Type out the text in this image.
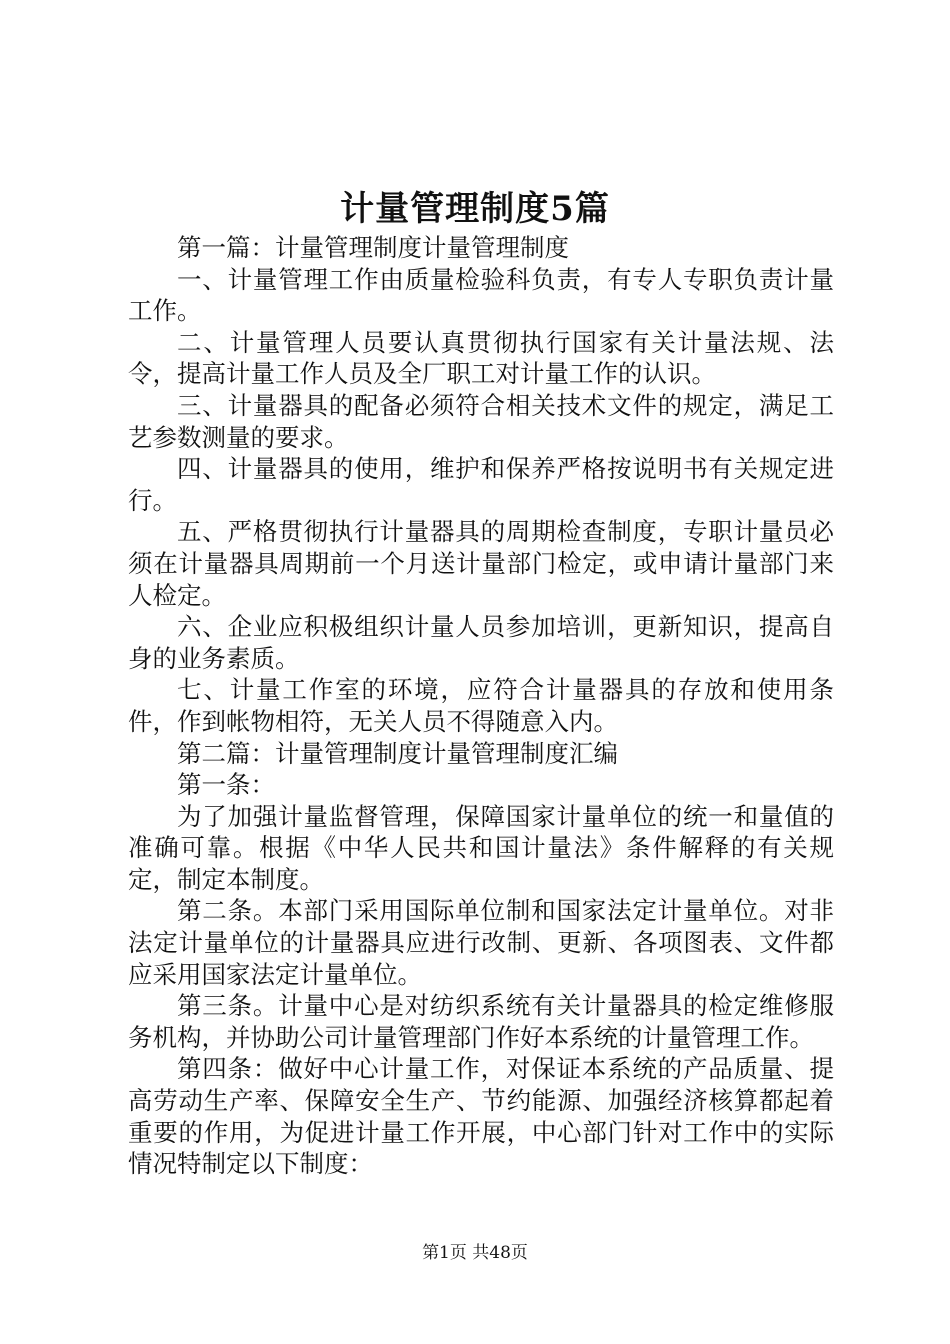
计量管理制度5篇

第一篇：计量管理制度计量管理制度

一、计量管理工作由质量检验科负责，有专人专职负责计量工作。

二、计量管理人员要认真贯彻执行国家有关计量法规、法令，提高计量工作人员及全厂职工对计量工作的认识。

三、计量器具的配备必须符合相关技术文件的规定，满足工艺参数测量的要求。

四、计量器具的使用，维护和保养严格按说明书有关规定进行。

五、严格贯彻执行计量器具的周期检查制度，专职计量员必须在计量器具周期前一个月送计量部门检定，或申请计量部门来人检定。

六、企业应积极组织计量人员参加培训，更新知识，提高自身的业务素质。

七、计量工作室的环境，应符合计量器具的存放和使用条件，作到帐物相符，无关人员不得随意入内。

第二篇：计量管理制度计量管理制度汇编

第一条：

为了加强计量监督管理，保障国家计量单位的统一和量值的准确可靠。根据《中华人民共和国计量法》条件解释的有关规定，制定本制度。

第二条。本部门采用国际单位制和国家法定计量单位。对非法定计量单位的计量器具应进行改制、更新、各项图表、文件都应采用国家法定计量单位。

第三条。计量中心是对纺织系统有关计量器具的检定维修服务机构，并协助公司计量管理部门作好本系统的计量管理工作。

第四条：做好中心计量工作，对保证本系统的产品质量、提高劳动生产率、保障安全生产、节约能源、加强经济核算都起着重要的作用，为促进计量工作开展，中心部门针对工作中的实际情况特制定以下制度：

第1页 共48页
